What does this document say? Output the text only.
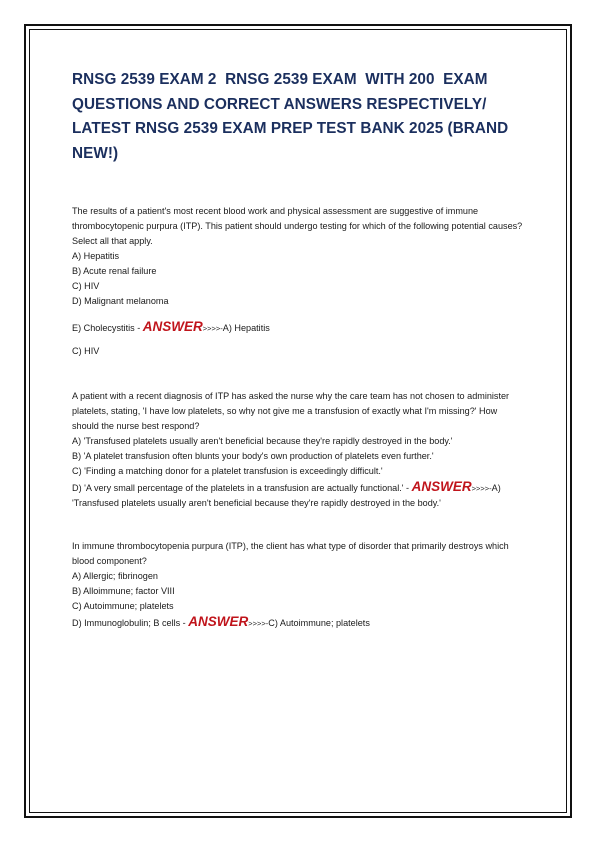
RNSG 2539 EXAM 2  RNSG 2539 EXAM  WITH 200  EXAM QUESTIONS AND CORRECT ANSWERS RESPECTIVELY/ LATEST RNSG 2539 EXAM PREP TEST BANK 2025 (BRAND NEW!)

The results of a patient's most recent blood work and physical assessment are suggestive of immune thrombocytopenic purpura (ITP). This patient should undergo testing for which of the following potential causes? Select all that apply.

A) Hepatitis

B) Acute renal failure

C) HIV

D) Malignant melanoma

E) Cholecystitis - ANSWER>>>>-A) Hepatitis

C) HIV

A patient with a recent diagnosis of ITP has asked the nurse why the care team has not chosen to administer platelets, stating, 'I have low platelets, so why not give me a transfusion of exactly what I'm missing?' How should the nurse best respond?

A) 'Transfused platelets usually aren't beneficial because they're rapidly destroyed in the body.'

B) 'A platelet transfusion often blunts your body's own production of platelets even further.'

C) 'Finding a matching donor for a platelet transfusion is exceedingly difficult.'

D) 'A very small percentage of the platelets in a transfusion are actually functional.' - ANSWER>>>>-A) 'Transfused platelets usually aren't beneficial because they're rapidly destroyed in the body.'

In immune thrombocytopenia purpura (ITP), the client has what type of disorder that primarily destroys which blood component?

A) Allergic; fibrinogen

B) Alloimmune; factor VIII

C) Autoimmune; platelets

D) Immunoglobulin; B cells - ANSWER>>>>-C) Autoimmune; platelets
